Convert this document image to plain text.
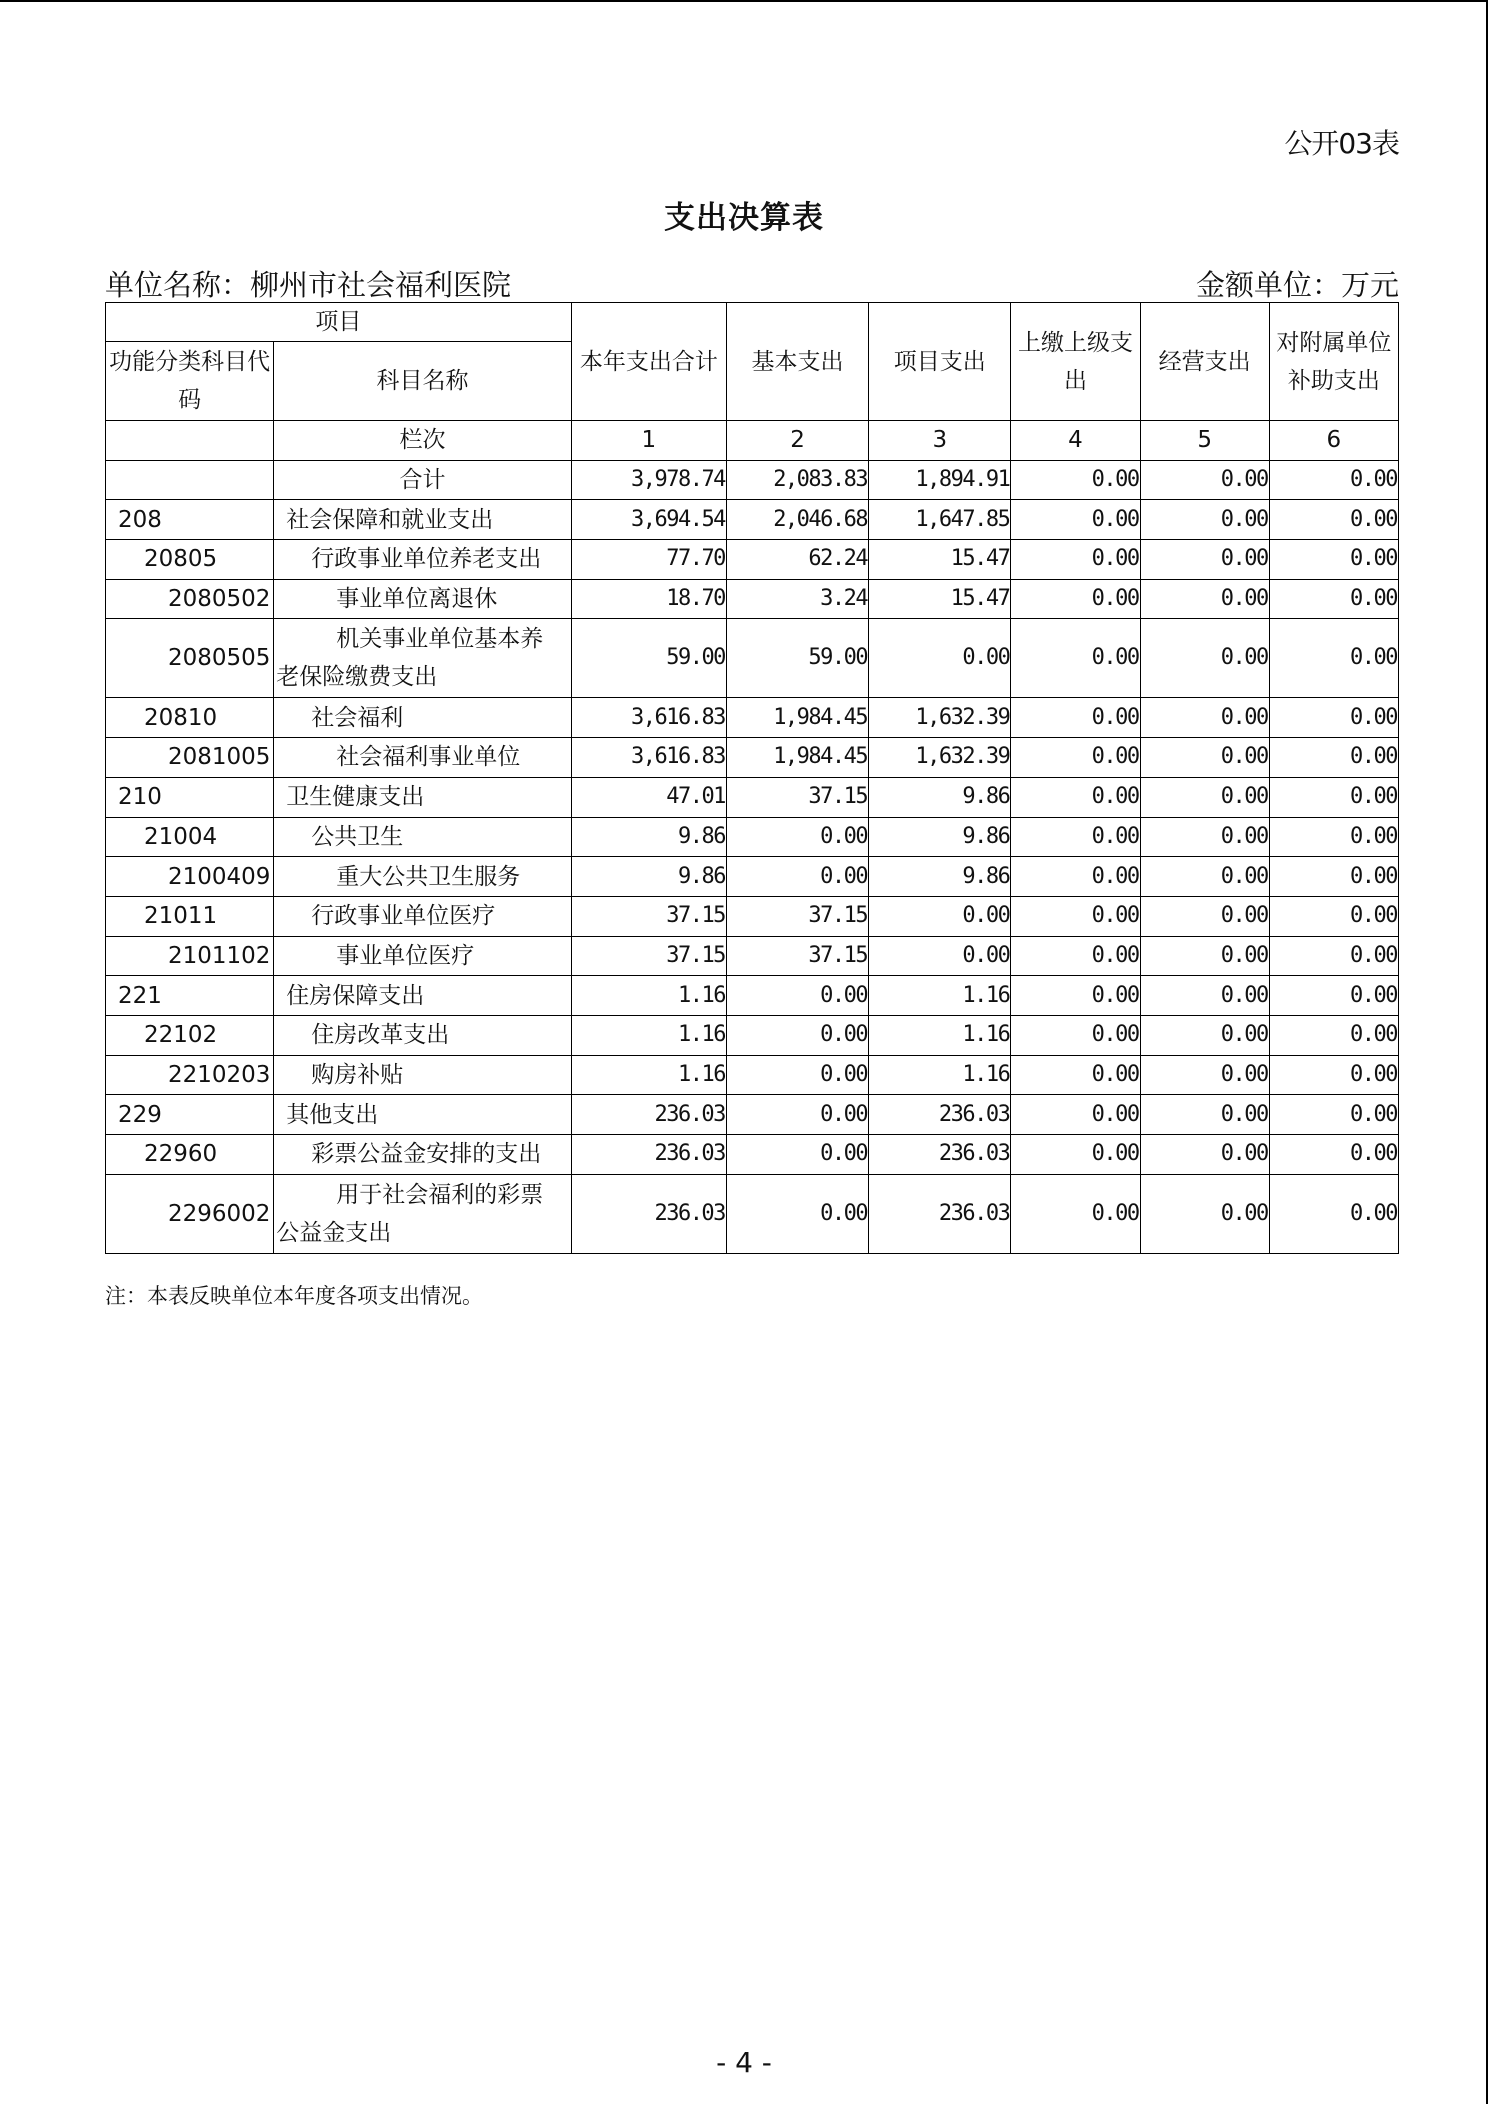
公开03表
支出决算表
单位名称：柳州市社会福利医院	金额单位：万元
项目		本年支出合计	基本支出	项目支出	上缴上级支出	经营支出	对附属单位补助支出
功能分类科目代码	科目名称						
	栏次	1	2	3	4	5	6
	合计	3,978.74	2,083.83	1,894.91	0.00	0.00	0.00
208	社会保障和就业支出	3,694.54	2,046.68	1,647.85	0.00	0.00	0.00
20805	行政事业单位养老支出	77.70	62.24	15.47	0.00	0.00	0.00
2080502	事业单位离退休	18.70	3.24	15.47	0.00	0.00	0.00
2080505	机关事业单位基本养
老保险缴费支出	59.00	59.00	0.00	0.00	0.00	0.00
20810	社会福利	3,616.83	1,984.45	1,632.39	0.00	0.00	0.00
2081005	社会福利事业单位	3,616.83	1,984.45	1,632.39	0.00	0.00	0.00
210	卫生健康支出	47.01	37.15	9.86	0.00	0.00	0.00
21004	公共卫生	9.86	0.00	9.86	0.00	0.00	0.00
2100409	重大公共卫生服务	9.86	0.00	9.86	0.00	0.00	0.00
21011	行政事业单位医疗	37.15	37.15	0.00	0.00	0.00	0.00
2101102	事业单位医疗	37.15	37.15	0.00	0.00	0.00	0.00
221	住房保障支出	1.16	0.00	1.16	0.00	0.00	0.00
22102	住房改革支出	1.16	0.00	1.16	0.00	0.00	0.00
2210203	购房补贴	1.16	0.00	1.16	0.00	0.00	0.00
229	其他支出	236.03	0.00	236.03	0.00	0.00	0.00
22960	彩票公益金安排的支出	236.03	0.00	236.03	0.00	0.00	0.00
2296002	用于社会福利的彩票
公益金支出	236.03	0.00	236.03	0.00	0.00	0.00
注：本表反映单位本年度各项支出情况。
- 4 -
